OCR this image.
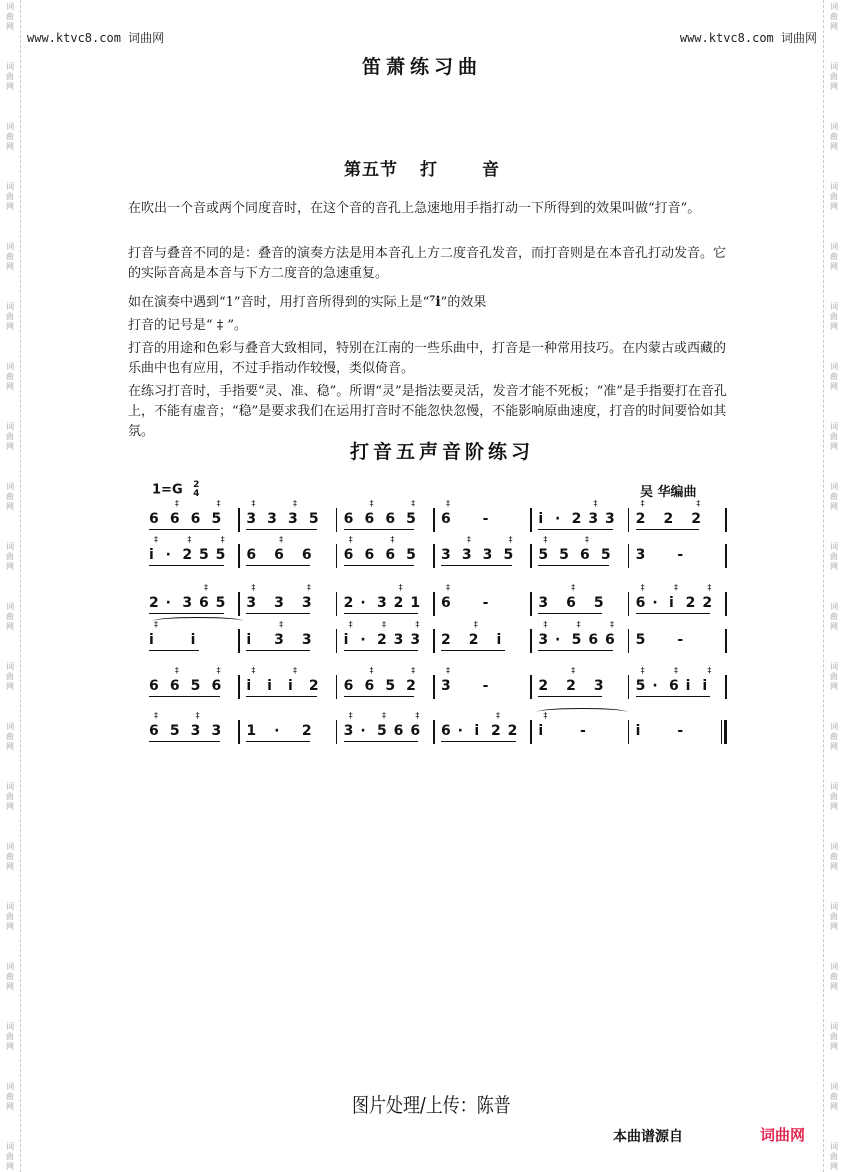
词
曲
网
词
曲
网
词
曲
网
词
曲
网
词
曲
网
词
曲
网
词
曲
网
词
曲
网
词
曲
网
词
曲
网
词
曲
网
词
曲
网
词
曲
网
词
曲
网
词
曲
网
词
曲
网
词
曲
网
词
曲
网
词
曲
网
词
曲
网
词
曲
网
词
曲
网
词
曲
网
词
曲
网
词
曲
网
词
曲
网
词
曲
网
词
曲
网
词
曲
网
词
曲
网
词
曲
网
词
曲
网
词
曲
网
词
曲
网
词
曲
网
词
曲
网
词
曲
网
词
曲
网
词
曲
网
词
曲
网
www.ktvc8.com 词曲网	www.ktvc8.com 词曲网
笛萧练习曲
第五节 打	音

在吹出一个音或两个同度音时，在这个音的音孔上急速地用手指打动一下所得到的效果叫做“打音”。

打音与叠音不同的是：叠音的演奏方法是用本音孔上方二度音孔发音，而打音则是在本音孔打动发音。它的实际音高是本音与下方二度音的急速重复。

如在演奏中遇到“1”音时，用打音所得到的实际上是“⁷i”的效果

打音的记号是“ ‡ ”。

打音的用途和色彩与叠音大致相同，特别在江南的一些乐曲中，打音是一种常用技巧。在内蒙古或西藏的乐曲中也有应用，不过手指动作较慢，类似倚音。

在练习打音时，手指要“灵、准、稳”。所谓“灵”是指法要灵活，发音才能不死板；“准”是手指要打在音孔上，不能有虚音；“稳”是要求我们在运用打音时不能忽快忽慢，不能影响原曲速度，打音的时间要恰如其氛。

打音五声音阶练习
1=G 2
4	吴 华编曲
6 6
‡
6 5
‡
3
‡
3 3
‡
5 6 6
‡
6 5
‡
6
‡
-	i · 2 3
‡
3 2
‡
2 2
‡
i
‡
· 2
‡
5 5
‡
6 6
‡
6 6
‡
6 6
‡
5 3 3
‡
3 5
‡
5
‡
5 6
‡
5 3 -
2 · 3 6
‡
5 3
‡
3 3
‡
2 · 3 2
‡
1 6
‡
-	3 6
‡
5 6
‡
· i
‡
2 2
‡
i
‡
i	i 3
‡
3 i
‡
· 2
‡
3 3
‡
2 2
‡
i	3
‡
· 5
‡
6 6
‡
5 -
6 6
‡
5 6
‡
i
‡
i i
‡
2 6 6
‡
5 2
‡
3
‡
-	2 2
‡
3 5
‡
· 6
‡
i i
‡
6
‡
5 3
‡
3 1 · 2 3
‡
· 5
‡
6 6
‡
6 · i 2
‡
2 i
‡
-	i	-
图片处理/上传：陈普
本曲谱源自	词曲网
